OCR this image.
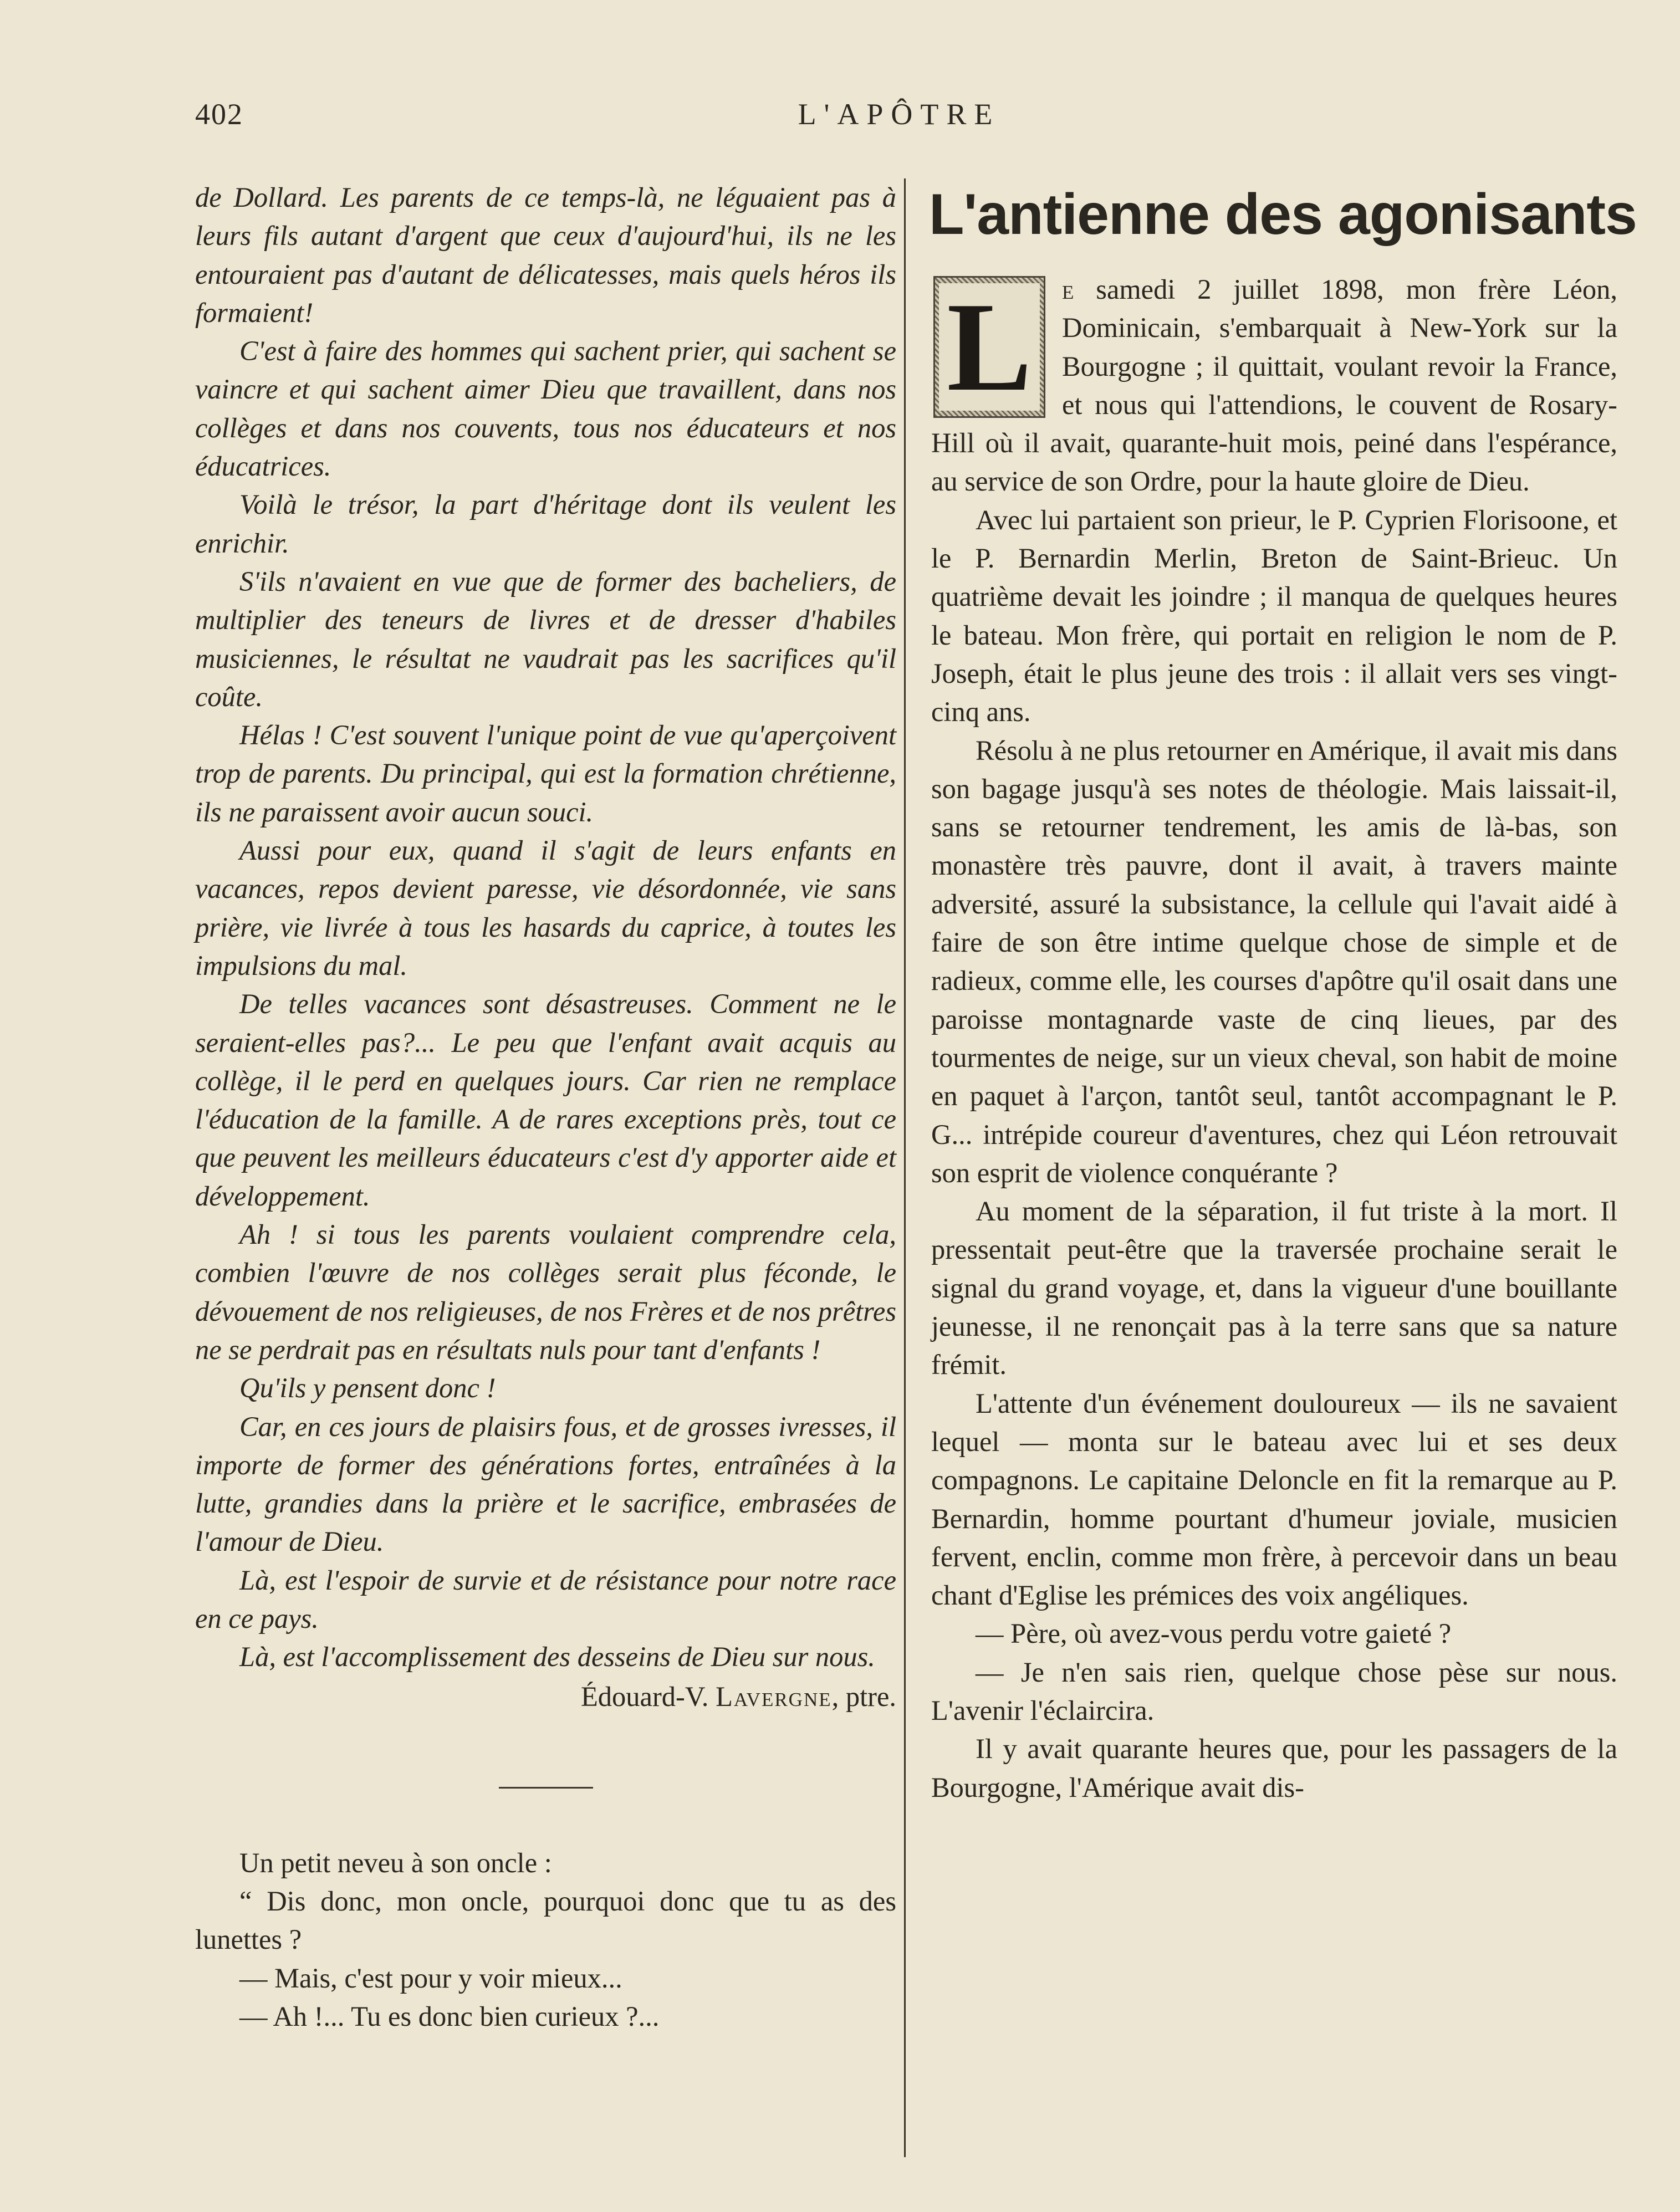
402	L'APÔTRE

de Dollard. Les parents de ce temps-là, ne léguaient pas à leurs fils autant d'argent que ceux d'aujourd'hui, ils ne les entouraient pas d'autant de délicatesses, mais quels héros ils formaient!

C'est à faire des hommes qui sachent prier, qui sachent se vaincre et qui sachent aimer Dieu que travaillent, dans nos collèges et dans nos couvents, tous nos éducateurs et nos éducatrices.

Voilà le trésor, la part d'héritage dont ils veulent les enrichir.

S'ils n'avaient en vue que de former des bacheliers, de multiplier des teneurs de livres et de dresser d'habiles musiciennes, le résultat ne vaudrait pas les sacrifices qu'il coûte.

Hélas ! C'est souvent l'unique point de vue qu'aperçoivent trop de parents. Du principal, qui est la formation chrétienne, ils ne paraissent avoir aucun souci.

Aussi pour eux, quand il s'agit de leurs enfants en vacances, repos devient paresse, vie désordonnée, vie sans prière, vie livrée à tous les hasards du caprice, à toutes les impulsions du mal.

De telles vacances sont désastreuses. Comment ne le seraient-elles pas?... Le peu que l'enfant avait acquis au collège, il le perd en quelques jours. Car rien ne remplace l'éducation de la famille. A de rares exceptions près, tout ce que peuvent les meilleurs éducateurs c'est d'y apporter aide et développement.

Ah ! si tous les parents voulaient comprendre cela, combien l'œuvre de nos collèges serait plus féconde, le dévouement de nos religieuses, de nos Frères et de nos prêtres ne se perdrait pas en résultats nuls pour tant d'enfants !

Qu'ils y pensent donc !

Car, en ces jours de plaisirs fous, et de grosses ivresses, il importe de former des générations fortes, entraînées à la lutte, grandies dans la prière et le sacrifice, embrasées de l'amour de Dieu.

Là, est l'espoir de survie et de résistance pour notre race en ce pays.

Là, est l'accomplissement des desseins de Dieu sur nous.

Édouard-V. Lavergne, ptre.

Un petit neveu à son oncle :

“ Dis donc, mon oncle, pourquoi donc que tu as des lunettes ?

— Mais, c'est pour y voir mieux...

— Ah !... Tu es donc bien curieux ?...

L'antienne des agonisants
L	e samedi 2 juillet 1898, mon frère Léon, Dominicain, s'embarquait à New-York sur la Bourgogne ; il quittait, voulant revoir la France, et nous qui l'attendions, le couvent de Rosary-Hill où il avait, quarante-huit mois, peiné dans l'espérance, au service de son Ordre, pour la haute gloire de Dieu.

Avec lui partaient son prieur, le P. Cyprien Florisoone, et le P. Bernardin Merlin, Breton de Saint-Brieuc. Un quatrième devait les joindre ; il manqua de quelques heures le bateau. Mon frère, qui portait en religion le nom de P. Joseph, était le plus jeune des trois : il allait vers ses vingt-cinq ans.

Résolu à ne plus retourner en Amérique, il avait mis dans son bagage jusqu'à ses notes de théologie. Mais laissait-il, sans se retourner tendrement, les amis de là-bas, son monastère très pauvre, dont il avait, à travers mainte adversité, assuré la subsistance, la cellule qui l'avait aidé à faire de son être intime quelque chose de simple et de radieux, comme elle, les courses d'apôtre qu'il osait dans une paroisse montagnarde vaste de cinq lieues, par des tourmentes de neige, sur un vieux cheval, son habit de moine en paquet à l'arçon, tantôt seul, tantôt accompagnant le P. G... intrépide coureur d'aventures, chez qui Léon retrouvait son esprit de violence conquérante ?

Au moment de la séparation, il fut triste à la mort. Il pressentait peut-être que la traversée prochaine serait le signal du grand voyage, et, dans la vigueur d'une bouillante jeunesse, il ne renonçait pas à la terre sans que sa nature frémit.

L'attente d'un événement douloureux — ils ne savaient lequel — monta sur le bateau avec lui et ses deux compagnons. Le capitaine Deloncle en fit la remarque au P. Bernardin, homme pourtant d'humeur joviale, musicien fervent, enclin, comme mon frère, à percevoir dans un beau chant d'Eglise les prémices des voix angéliques.

— Père, où avez-vous perdu votre gaieté ?

— Je n'en sais rien, quelque chose pèse sur nous. L'avenir l'éclaircira.

Il y avait quarante heures que, pour les passagers de la Bourgogne, l'Amérique avait dis-
